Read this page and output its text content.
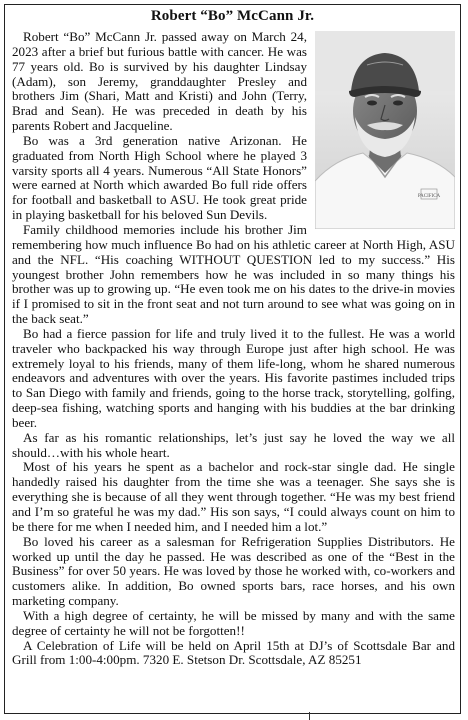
Robert “Bo” McCann Jr.
PACIFICA

Robert “Bo” McCann Jr. passed away on March 24, 2023 after a brief but furious battle with cancer. He was 77 years old. Bo is survived by his daughter Lindsay (Adam), son Jeremy, granddaughter Presley and brothers Jim (Shari, Matt and Kristi) and John (Terry, Brad and Sean). He was preceded in death by his parents Robert and Jacqueline.

Bo was a 3rd generation native Arizonan. He graduated from North High School where he played 3 varsity sports all 4 years. Numerous “All State Honors” were earned at North which awarded Bo full ride offers for football and basketball to ASU. He took great pride in playing basketball for his beloved Sun Devils.

Family childhood memories include his brother Jim remembering how much influence Bo had on his athletic career at North High, ASU and the NFL. “His coaching WITHOUT QUESTION led to my success.” His youngest brother John remembers how he was included in so many things his brother was up to growing up. “He even took me on his dates to the drive-in movies if I promised to sit in the front seat and not turn around to see what was going on in the back seat.”

Bo had a fierce passion for life and truly lived it to the fullest. He was a world traveler who backpacked his way through Europe just after high school. He was extremely loyal to his friends, many of them life-long, whom he shared numerous endeavors and adventures with over the years. His favorite pastimes included trips to San Diego with family and friends, going to the horse track, storytelling, golfing, deep-sea fishing, watching sports and hanging with his buddies at the bar drinking beer.

As far as his romantic relationships, let’s just say he loved the way we all should…with his whole heart.

Most of his years he spent as a bachelor and rock-star single dad. He single handedly raised his daughter from the time she was a teenager. She says she is everything she is because of all they went through together. “He was my best friend and I’m so grateful he was my dad.” His son says, “I could always count on him to be there for me when I needed him, and I needed him a lot.”

Bo loved his career as a salesman for Refrigeration Supplies Distributors. He worked up until the day he passed. He was described as one of the “Best in the Business” for over 50 years. He was loved by those he worked with, co-workers and customers alike. In addition, Bo owned sports bars, race horses, and his own marketing company.

With a high degree of certainty, he will be missed by many and with the same degree of certainty he will not be forgotten!!

A Celebration of Life will be held on April 15th at DJ’s of Scottsdale Bar and Grill from 1:00-4:00pm. 7320 E. Stetson Dr. Scottsdale, AZ 85251
